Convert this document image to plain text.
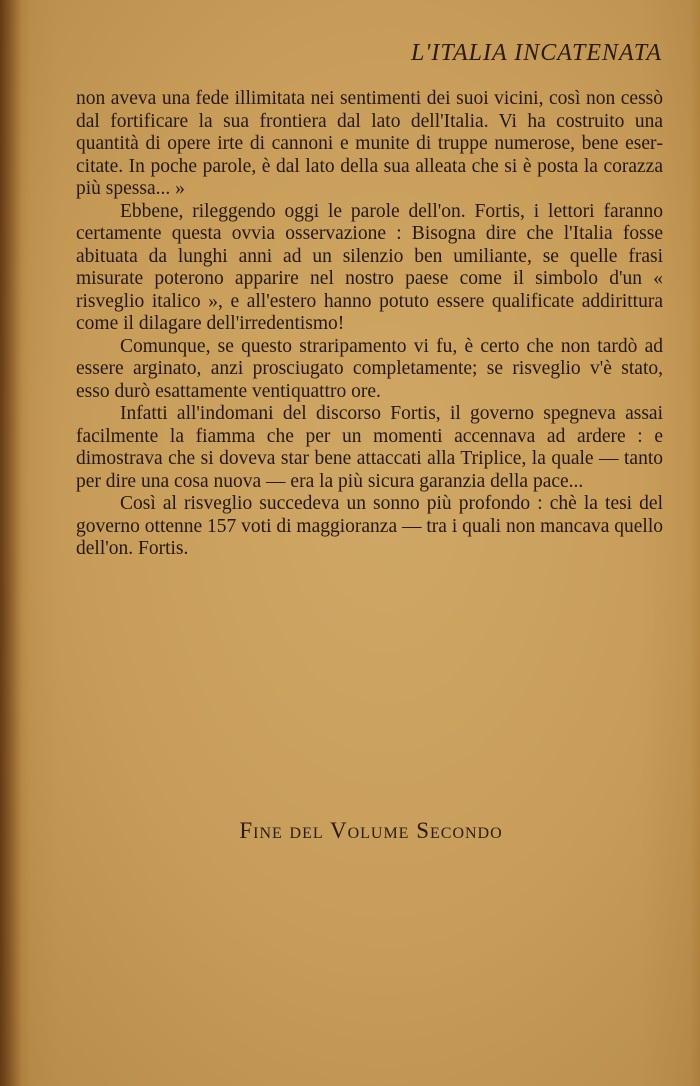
L'ITALIA INCATENATA

non aveva una fede illimitata nei sentimenti dei suoi vicini, così non cessò dal fortificare la sua frontiera dal lato dell'Italia. Vi ha costruito una quantità di opere irte di cannoni e munite di truppe numerose, bene esercitate. In poche parole, è dal lato della sua alleata che si è posta la corazza più spessa... »

Ebbene, rileggendo oggi le parole dell'on. Fortis, i lettori faranno certamente questa ovvia osservazione : Bisogna dire che l'Italia fosse abituata da lunghi anni ad un silenzio ben umiliante, se quelle frasi misurate poterono apparire nel nostro paese come il simbolo d'un « risveglio italico », e all'estero hanno potuto essere qualificate addirittura come il dilagare dell'irredentismo!

Comunque, se questo straripamento vi fu, è certo che non tardò ad essere arginato, anzi prosciugato completamente; se risveglio v'è stato, esso durò esattamente ventiquattro ore.

Infatti all'indomani del discorso Fortis, il governo spegneva assai facilmente la fiamma che per un momenti accennava ad ardere : e dimostrava che si doveva star bene attaccati alla Triplice, la quale — tanto per dire una cosa nuova — era la più sicura garanzia della pace...

Così al risveglio succedeva un sonno più profondo : chè la tesi del governo ottenne 157 voti di maggioranza — tra i quali non mancava quello dell'on. Fortis.

Fine del Volume Secondo
